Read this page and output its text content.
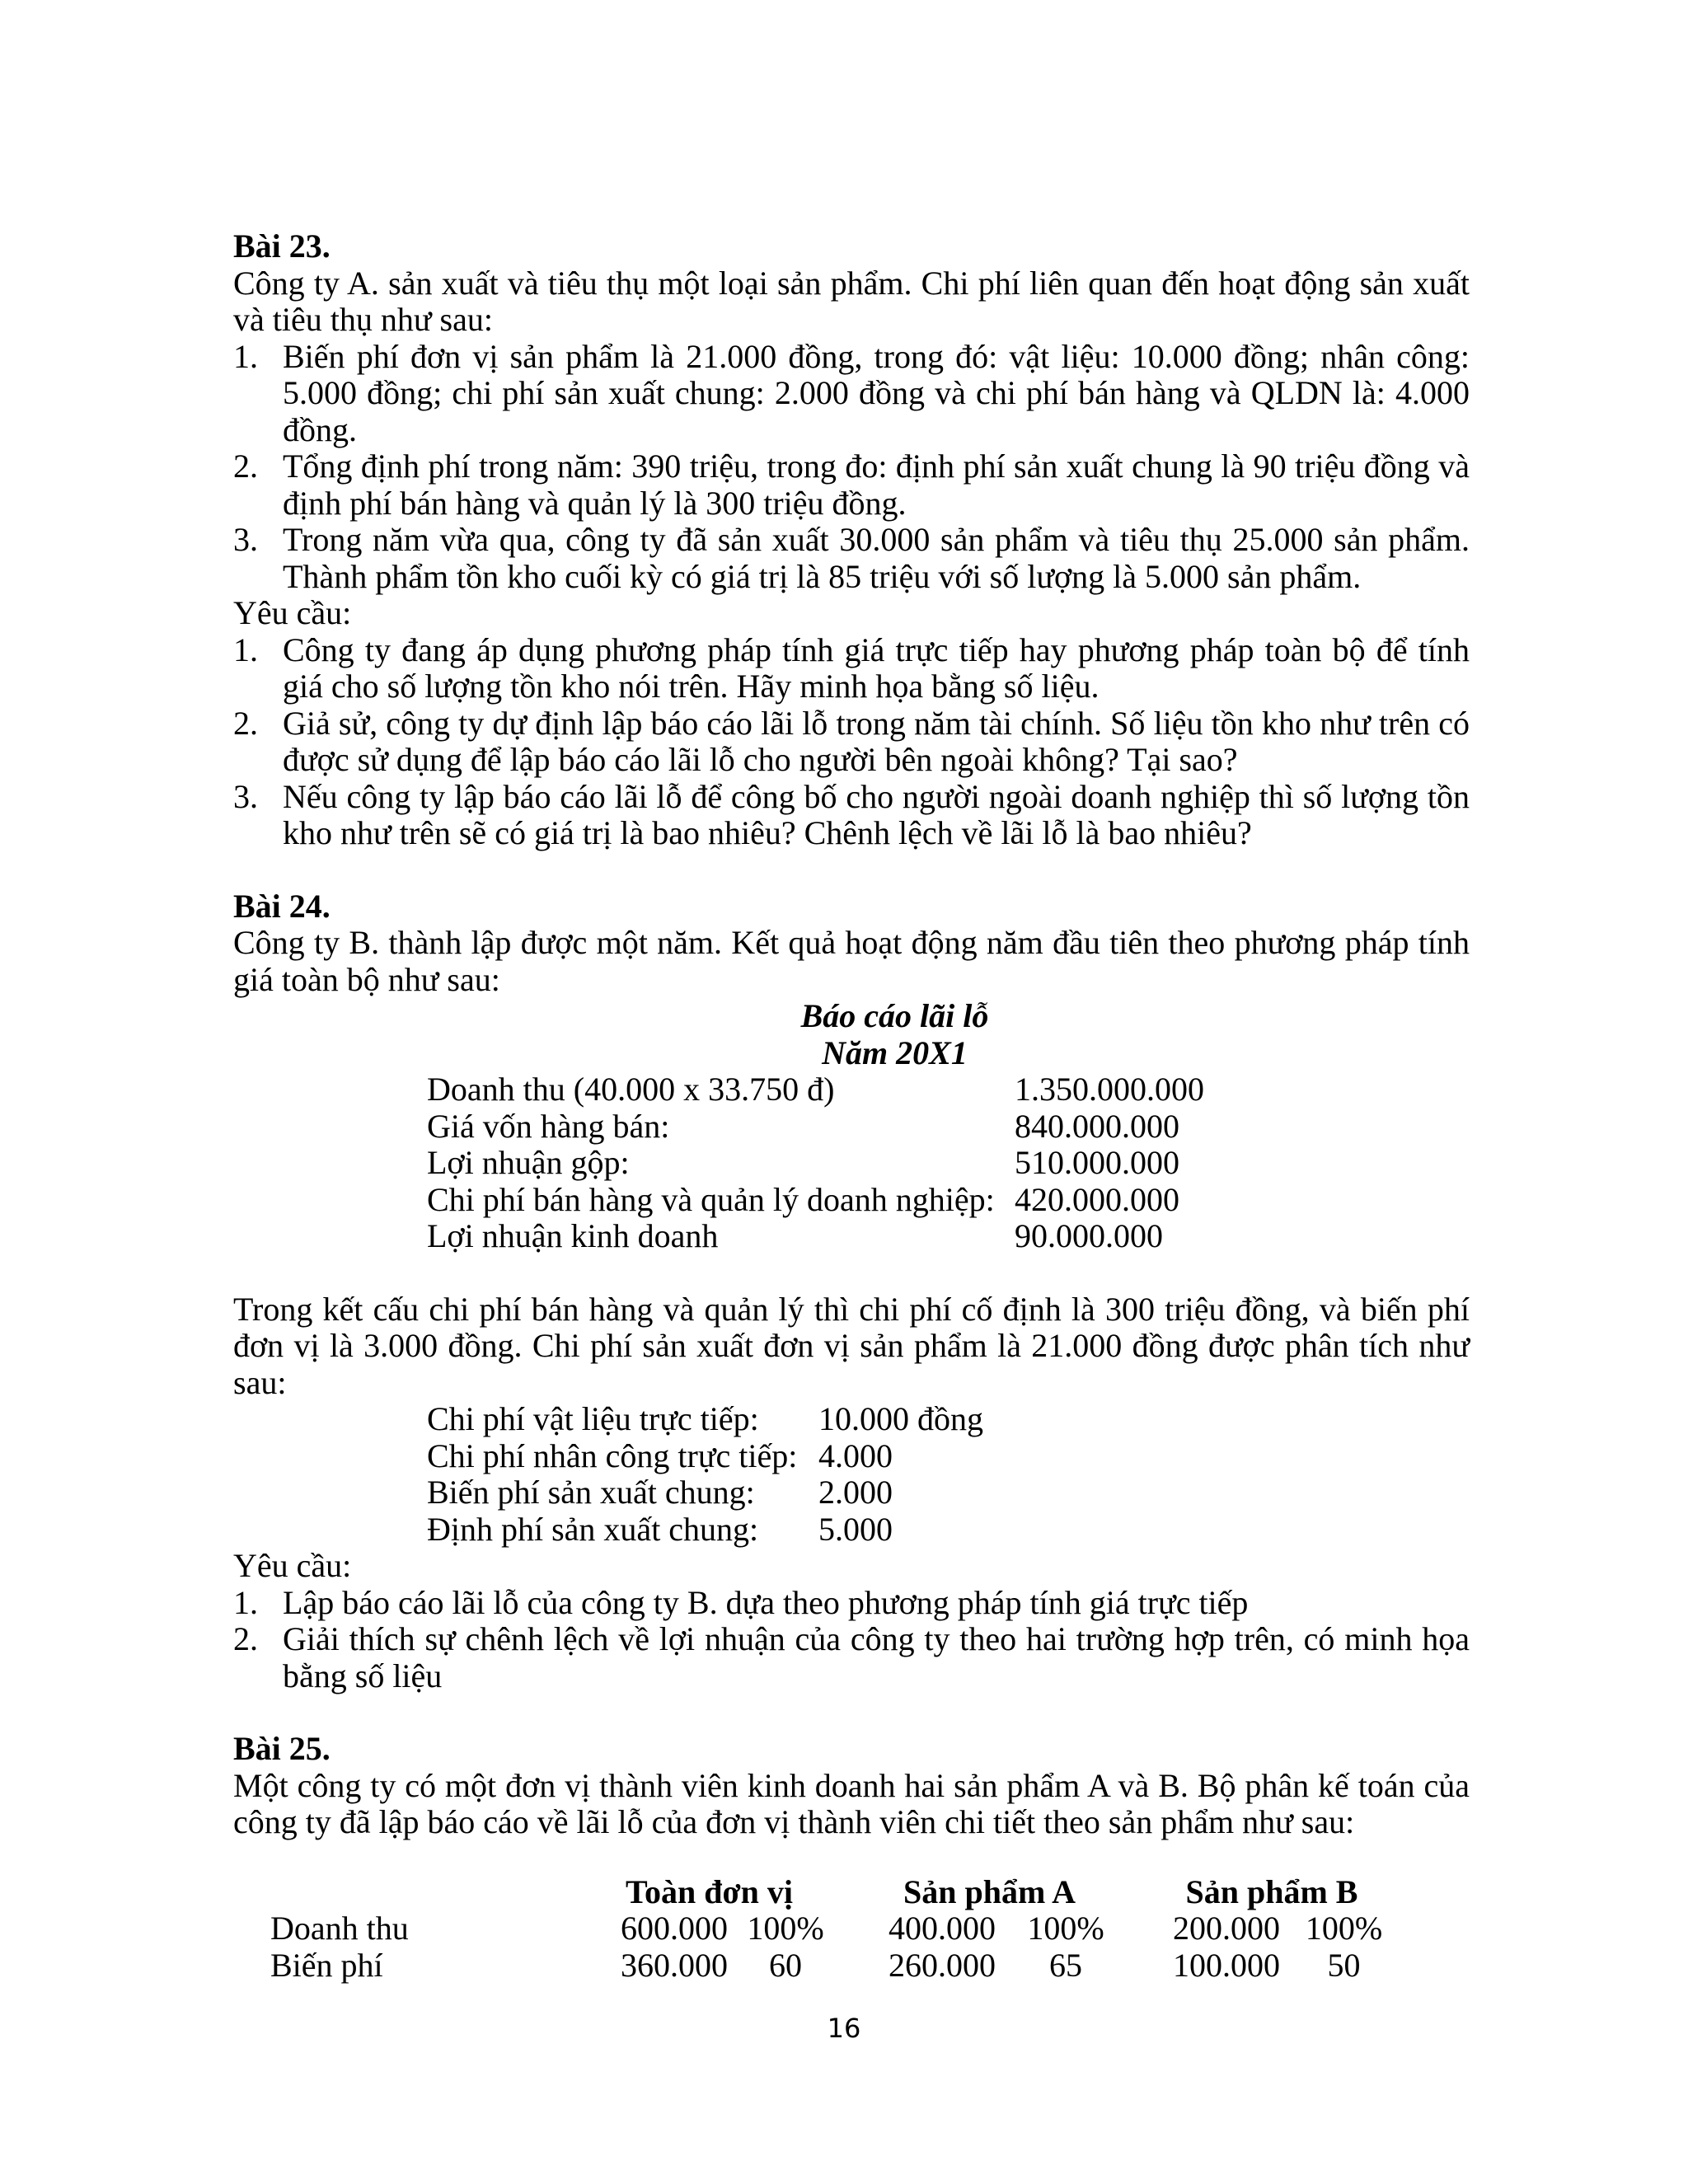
Bài 23.
Công ty A. sản xuất và tiêu thụ một loại sản phẩm. Chi phí liên quan đến hoạt động sản xuất và tiêu thụ như sau:
1. Biến phí đơn vị sản phẩm là 21.000 đồng, trong đó: vật liệu: 10.000 đồng; nhân công: 5.000 đồng; chi phí sản xuất chung: 2.000 đồng và chi phí bán hàng và QLDN là: 4.000 đồng.
2. Tổng định phí trong năm: 390 triệu, trong đo: định phí sản xuất chung là 90 triệu đồng và định phí bán hàng và quản lý là 300 triệu đồng.
3. Trong năm vừa qua, công ty đã sản xuất 30.000 sản phẩm và tiêu thụ 25.000 sản phẩm. Thành phẩm tồn kho cuối kỳ có giá trị là 85 triệu với số lượng là 5.000 sản phẩm.
Yêu cầu:
1. Công ty đang áp dụng phương pháp tính giá trực tiếp hay phương pháp toàn bộ để tính giá cho số lượng tồn kho nói trên. Hãy minh họa bằng số liệu.
2. Giả sử, công ty dự định lập báo cáo lãi lỗ trong năm tài chính. Số liệu tồn kho như trên có được sử dụng để lập báo cáo lãi lỗ cho người bên ngoài không? Tại sao?
3. Nếu công ty lập báo cáo lãi lỗ để công bố cho người ngoài doanh nghiệp thì số lượng tồn kho như trên sẽ có giá trị là bao nhiêu? Chênh lệch về lãi lỗ là bao nhiêu?
Bài 24.
Công ty B. thành lập được một năm. Kết quả hoạt động năm đầu tiên theo phương pháp tính giá toàn bộ như sau:
Báo cáo lãi lỗ
Năm 20X1
Doanh thu (40.000 x 33.750 đ)	1.350.000.000
Giá vốn hàng bán:	840.000.000
Lợi nhuận gộp:	510.000.000
Chi phí bán hàng và quản lý doanh nghiệp:	420.000.000
Lợi nhuận kinh doanh	90.000.000
Trong kết cấu chi phí bán hàng và quản lý thì chi phí cố định là 300 triệu đồng, và biến phí đơn vị là 3.000 đồng. Chi phí sản xuất đơn vị sản phẩm là 21.000 đồng được phân tích như sau:
Chi phí vật liệu trực tiếp:	10.000 đồng
Chi phí nhân công trực tiếp:	4.000
Biến phí sản xuất chung:	2.000
Định phí sản xuất chung:	5.000
Yêu cầu:
1. Lập báo cáo lãi lỗ của công ty B. dựa theo phương pháp tính giá trực tiếp
2. Giải thích sự chênh lệch về lợi nhuận của công ty theo hai trường hợp trên, có minh họa bằng số liệu
Bài 25.
Một công ty có một đơn vị thành viên kinh doanh hai sản phẩm A và B. Bộ phân kế toán của công ty đã lập báo cáo về lãi lỗ của đơn vị thành viên chi tiết theo sản phẩm như sau:
	Toàn đơn vị		Sản phẩm A		Sản phẩm B	
Doanh thu	600.000	100%	400.000	100%	200.000	100%
Biến phí	360.000	60	260.000	65	100.000	50
16
